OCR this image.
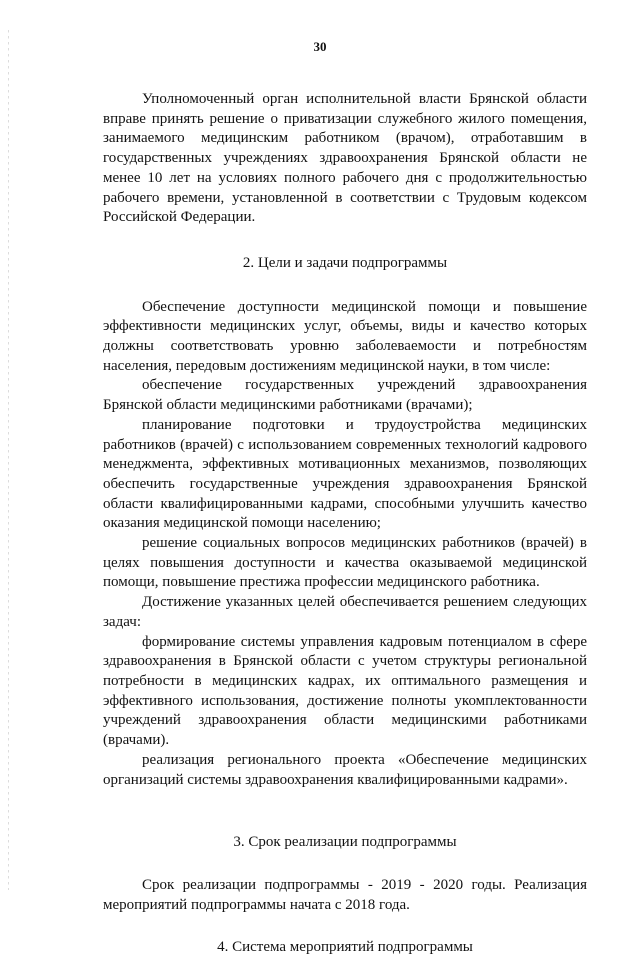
30

Уполномоченный орган исполнительной власти Брянской области вправе принять решение о приватизации служебного жилого помещения, занимаемого медицинским работником (врачом), отработавшим в государственных учреждениях здравоохранения Брянской области не менее 10 лет на условиях полного рабочего дня с продолжительностью рабочего времени, установленной в соответствии с Трудовым кодексом Российской Федерации.

2. Цели и задачи подпрограммы

Обеспечение доступности медицинской помощи и повышение эффективности медицинских услуг, объемы, виды и качество которых должны соответствовать уровню заболеваемости и потребностям населения, передовым достижениям медицинской науки, в том числе:

обеспечение государственных учреждений здравоохранения Брянской области медицинскими работниками (врачами);

планирование подготовки и трудоустройства медицинских работников (врачей) с использованием современных технологий кадрового менеджмента, эффективных мотивационных механизмов, позволяющих обеспечить государственные учреждения здравоохранения Брянской области квалифицированными кадрами, способными улучшить качество оказания медицинской помощи населению;

решение социальных вопросов медицинских работников (врачей) в целях повышения доступности и качества оказываемой медицинской помощи, повышение престижа профессии медицинского работника.

Достижение указанных целей обеспечивается решением следующих задач:

формирование системы управления кадровым потенциалом в сфере здравоохранения в Брянской области с учетом структуры региональной потребности в медицинских кадрах, их оптимального размещения и эффективного использования, достижение полноты укомплектованности учреждений здравоохранения области медицинскими работниками (врачами).

реализация регионального проекта «Обеспечение медицинских организаций системы здравоохранения квалифицированными кадрами».

3. Срок реализации подпрограммы

Срок реализации подпрограммы - 2019 - 2020 годы. Реализация мероприятий подпрограммы начата с 2018 года.

4. Система мероприятий подпрограммы
